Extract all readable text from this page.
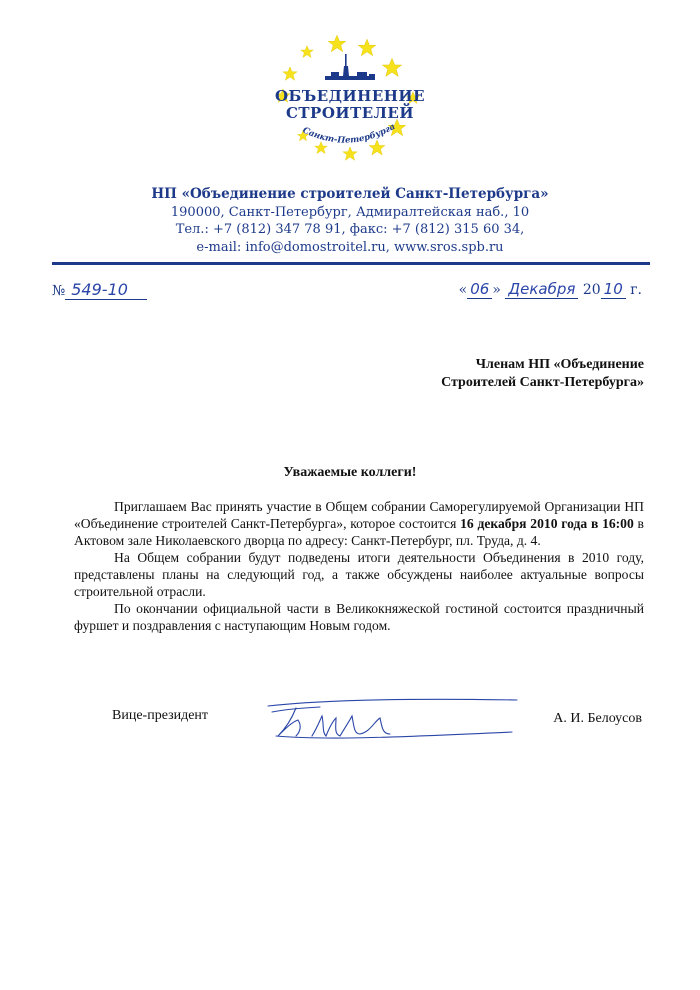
Санкт-Петербурга
ОБЪЕДИНЕНИЕ
СТРОИТЕЛЕЙ
НП «Объединение строителей Санкт-Петербурга»
190000, Санкт-Петербург, Адмиралтейская наб., 10
Тел.: +7 (812) 347 78 91, факс: +7 (812) 315 60 34,
e-mail: info@domostroitel.ru, www.sros.spb.ru
№ 549-10	« 06 » Декабря 20 10 г.
Членам НП «Объединение
Строителей Санкт-Петербурга»
Уважаемые коллеги!

Приглашаем Вас принять участие в Общем собрании Саморегулируемой Организации НП «Объединение строителей Санкт-Петербурга», которое состоится 16 декабря 2010 года в 16:00 в Актовом зале Николаевского дворца по адресу: Санкт-Петербург, пл. Труда, д. 4.

На Общем собрании будут подведены итоги деятельности Объединения в 2010 году, представлены планы на следующий год, а также обсуждены наиболее актуальные вопросы строительной отрасли.

По окончании официальной части в Великокняжеской гостиной состоится праздничный фуршет и поздравления с наступающим Новым годом.

Вице-президент	А. И. Белоусов
